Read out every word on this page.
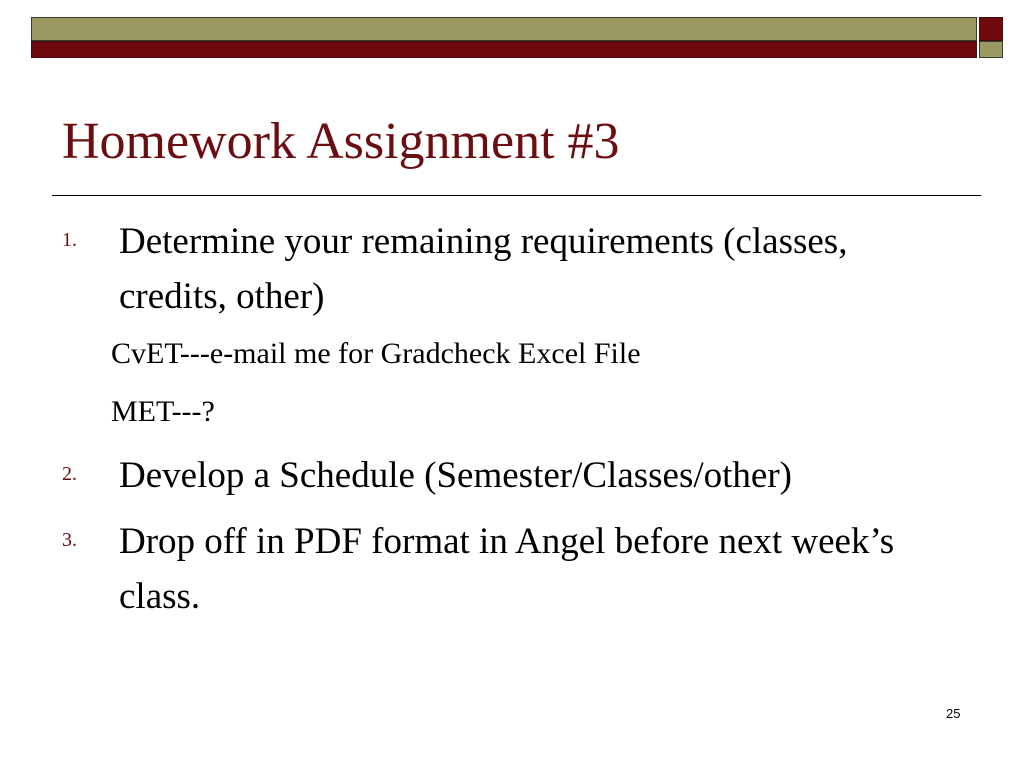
Homework Assignment #3
1. Determine your remaining requirements (classes, credits, other)
CvET---e-mail me for Gradcheck Excel File
MET---?
2. Develop a Schedule (Semester/Classes/other)
3. Drop off in PDF format in Angel before next week’s class.
25
